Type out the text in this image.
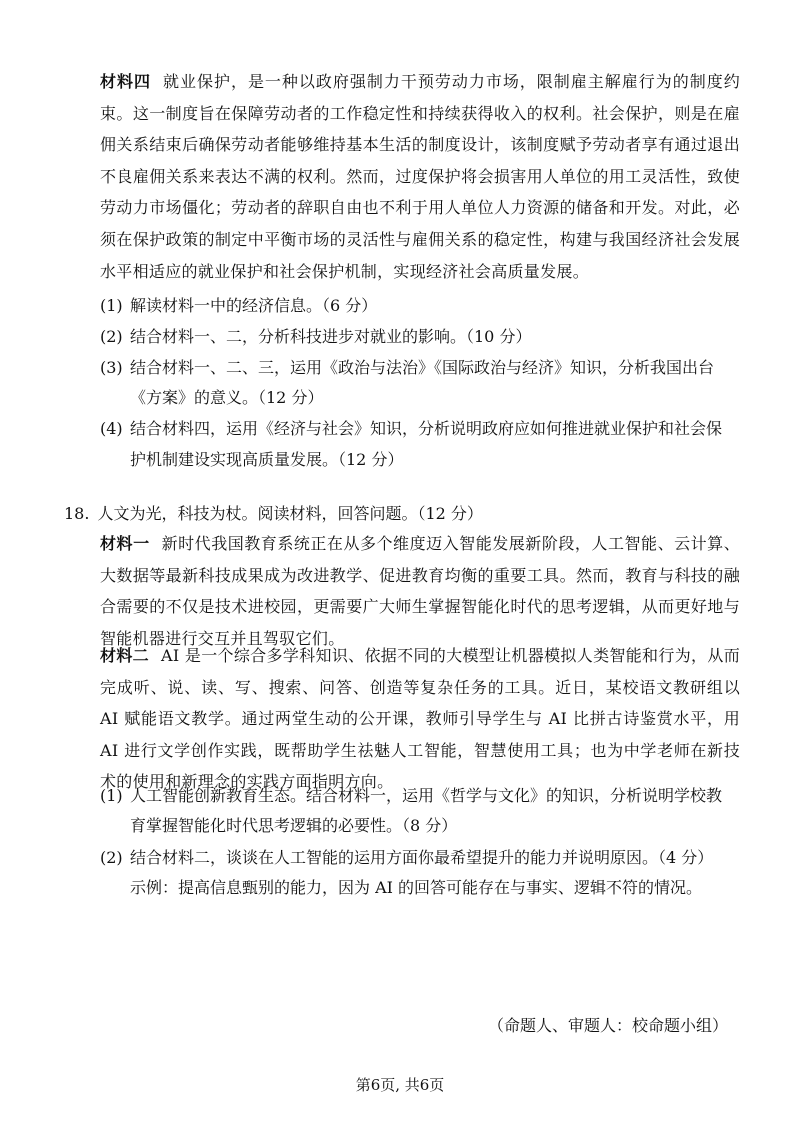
材料四 就业保护，是一种以政府强制力干预劳动力市场，限制雇主解雇行为的制度约束。这一制度旨在保障劳动者的工作稳定性和持续获得收入的权利。社会保护，则是在雇佣关系结束后确保劳动者能够维持基本生活的制度设计，该制度赋予劳动者享有通过退出不良雇佣关系来表达不满的权利。然而，过度保护将会损害用人单位的用工灵活性，致使劳动力市场僵化；劳动者的辞职自由也不利于用人单位人力资源的储备和开发。对此，必须在保护政策的制定中平衡市场的灵活性与雇佣关系的稳定性，构建与我国经济社会发展水平相适应的就业保护和社会保护机制，实现经济社会高质量发展。

(1) 解读材料一中的经济信息。（6 分）

(2) 结合材料一、二，分析科技进步对就业的影响。（10 分）

(3) 结合材料一、二、三，运用《政治与法治》《国际政治与经济》知识，分析我国出台

《方案》的意义。（12 分）

(4) 结合材料四，运用《经济与社会》知识，分析说明政府应如何推进就业保护和社会保

护机制建设实现高质量发展。（12 分）

18. 人文为光，科技为杖。阅读材料，回答问题。（12 分）

材料一 新时代我国教育系统正在从多个维度迈入智能发展新阶段，人工智能、云计算、大数据等最新科技成果成为改进教学、促进教育均衡的重要工具。然而，教育与科技的融合需要的不仅是技术进校园，更需要广大师生掌握智能化时代的思考逻辑，从而更好地与智能机器进行交互并且驾驭它们。

材料二 AI 是一个综合多学科知识、依据不同的大模型让机器模拟人类智能和行为，从而完成听、说、读、写、搜索、问答、创造等复杂任务的工具。近日，某校语文教研组以 AI 赋能语文教学。通过两堂生动的公开课，教师引导学生与 AI 比拼古诗鉴赏水平，用 AI 进行文学创作实践，既帮助学生祛魅人工智能，智慧使用工具；也为中学老师在新技术的使用和新理念的实践方面指明方向。

(1) 人工智能创新教育生态。结合材料一，运用《哲学与文化》的知识，分析说明学校教

育掌握智能化时代思考逻辑的必要性。（8 分）

(2) 结合材料二，谈谈在人工智能的运用方面你最希望提升的能力并说明原因。（4 分）

示例：提高信息甄别的能力，因为 AI 的回答可能存在与事实、逻辑不符的情况。

（命题人、审题人：校命题小组）

第6页, 共6页
